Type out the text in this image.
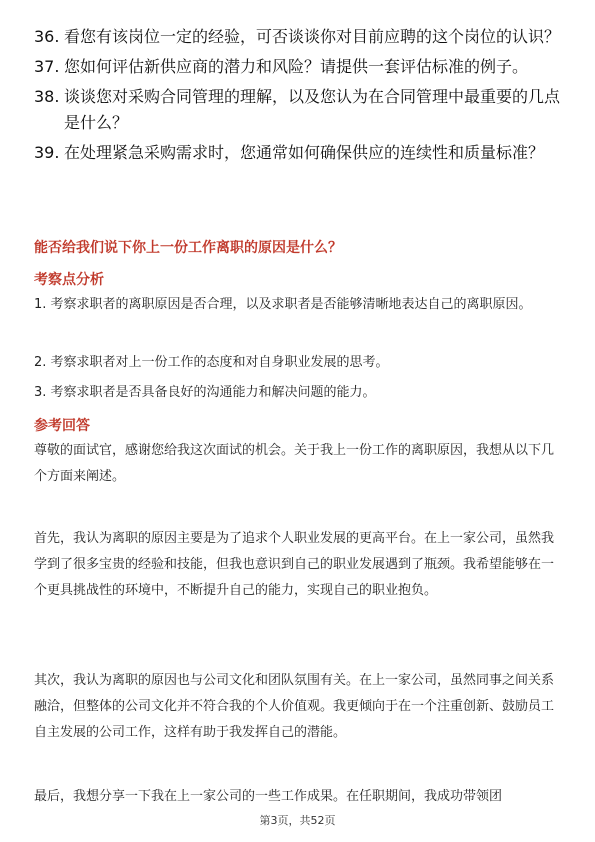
36. 看您有该岗位一定的经验，可否谈谈你对目前应聘的这个岗位的认识？
37. 您如何评估新供应商的潜力和风险？请提供一套评估标准的例子。
38. 谈谈您对采购合同管理的理解，以及您认为在合同管理中最重要的几点是什么？
39. 在处理紧急采购需求时，您通常如何确保供应的连续性和质量标准？
能否给我们说下你上一份工作离职的原因是什么？
考察点分析
1. 考察求职者的离职原因是否合理，以及求职者是否能够清晰地表达自己的离职原因。
2. 考察求职者对上一份工作的态度和对自身职业发展的思考。
3. 考察求职者是否具备良好的沟通能力和解决问题的能力。
参考回答
尊敬的面试官，感谢您给我这次面试的机会。关于我上一份工作的离职原因，我想从以下几个方面来阐述。
首先，我认为离职的原因主要是为了追求个人职业发展的更高平台。在上一家公司，虽然我学到了很多宝贵的经验和技能，但我也意识到自己的职业发展遇到了瓶颈。我希望能够在一个更具挑战性的环境中，不断提升自己的能力，实现自己的职业抱负。
其次，我认为离职的原因也与公司文化和团队氛围有关。在上一家公司，虽然同事之间关系融洽，但整体的公司文化并不符合我的个人价值观。我更倾向于在一个注重创新、鼓励员工自主发展的公司工作，这样有助于我发挥自己的潜能。
最后，我想分享一下我在上一家公司的一些工作成果。在任职期间，我成功带领团
第3页，共52页
